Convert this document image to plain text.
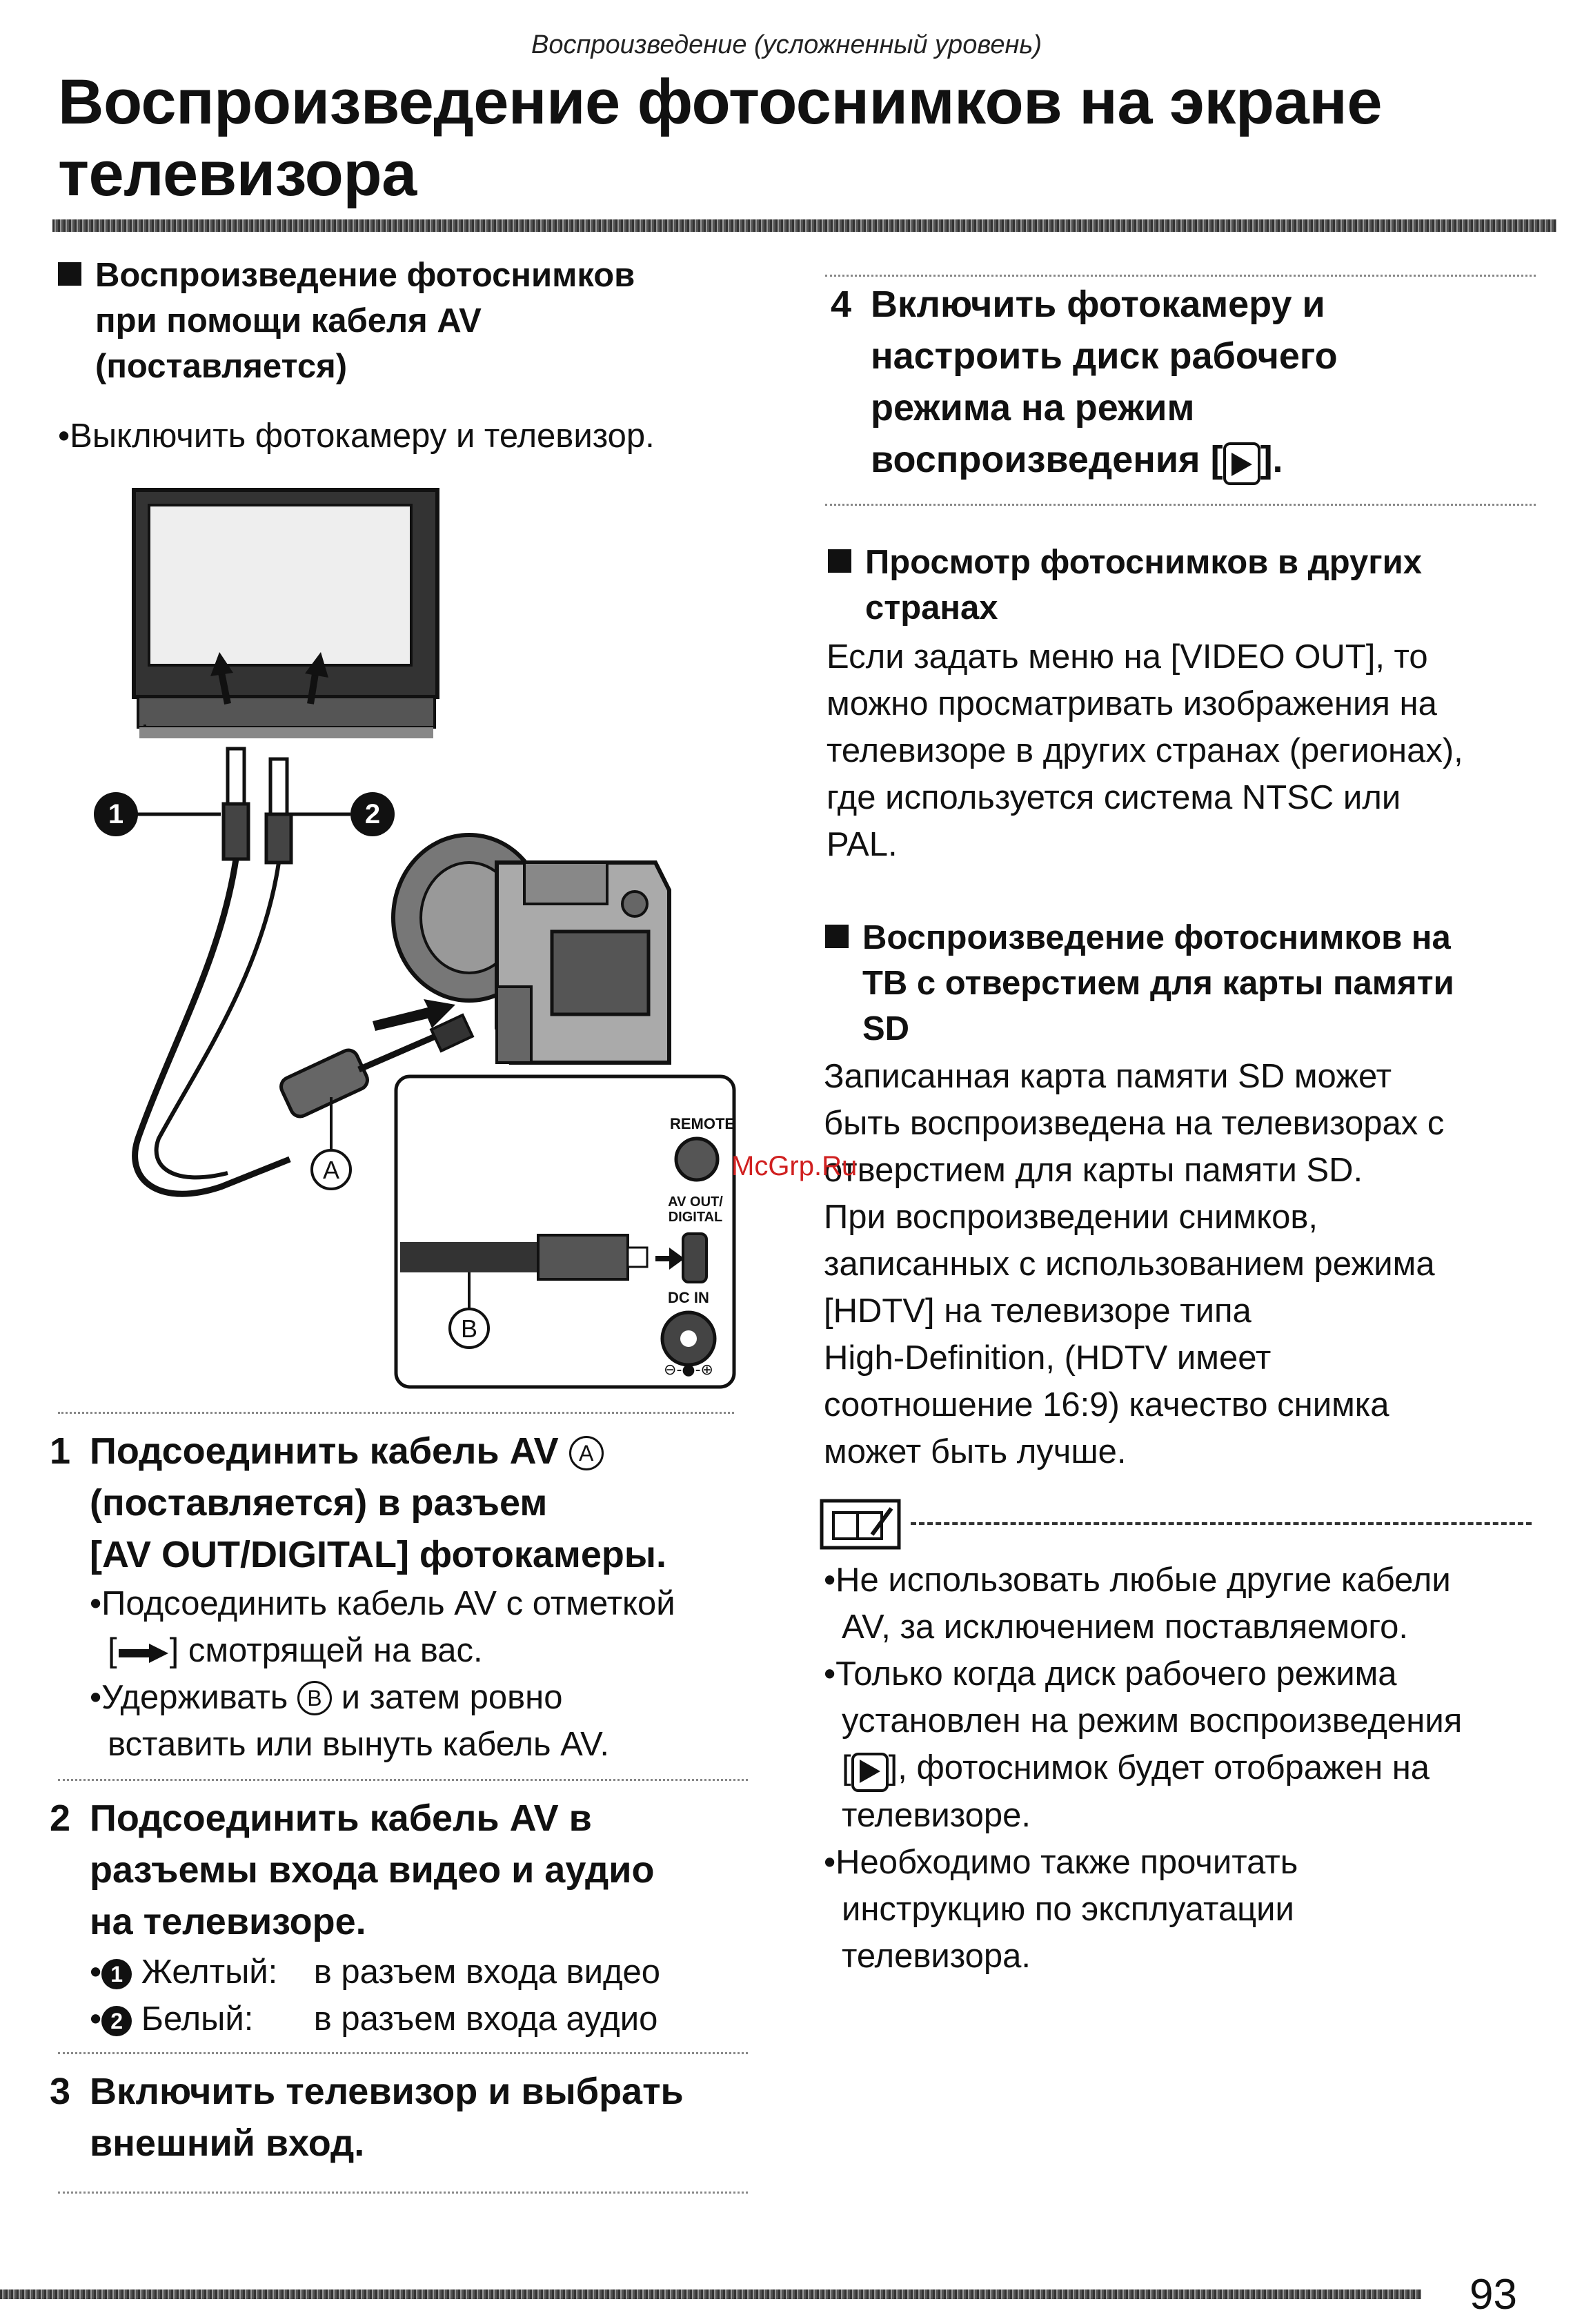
Воспроизведение (усложненный уровень)
Воспроизведение фотоснимков на экране
телевизора
Воспроизведение фотоснимков
при помощи кабеля AV
(поставляется)
•Выключить фотокамеру и телевизор.
1	2
A
REMOTE
AV OUT/
DIGITAL
B
DC IN
⊖-●-⊕
1 Подсоединить кабель AV A
(поставляется) в разъем
[AV OUT/DIGITAL] фотокамеры.
•Подсоединить кабель AV с отметкой
[ ] смотрящей на вас.
•Удерживать B и затем ровно
вставить или вынуть кабель AV.
2 Подсоединить кабель AV в
разъемы входа видео и аудио
на телевизоре.
• 1 Желтый: в разъем входа видео
• 2 Белый: в разъем входа аудио
3 Включить телевизор и выбрать
внешний вход.
4 Включить фотокамеру и
настроить диск рабочего
режима на режим
воспроизведения [ ].
Просмотр фотоснимков в других
странах
Если задать меню на [VIDEO OUT], то
можно просматривать изображения на
телевизоре в других странах (регионах),
где используется система NTSC или
PAL.
Воспроизведение фотоснимков на
ТВ с отверстием для карты памяти
SD
Записанная карта памяти SD может
быть воспроизведена на телевизорах с
отверстием для карты памяти SD.
При воспроизведении снимков,
записанных с использованием режима
[HDTV] на телевизоре типа
High-Definition, (HDTV имеет
соотношение 16:9) качество снимка
может быть лучше.
McGrp.Ru
•Не использовать любые другие кабели
AV, за исключением поставляемого.
•Только когда диск рабочего режима
установлен на режим воспроизведения
[ ], фотоснимок будет отображен на
телевизоре.
•Необходимо также прочитать
инструкцию по эксплуатации
телевизора.
93
